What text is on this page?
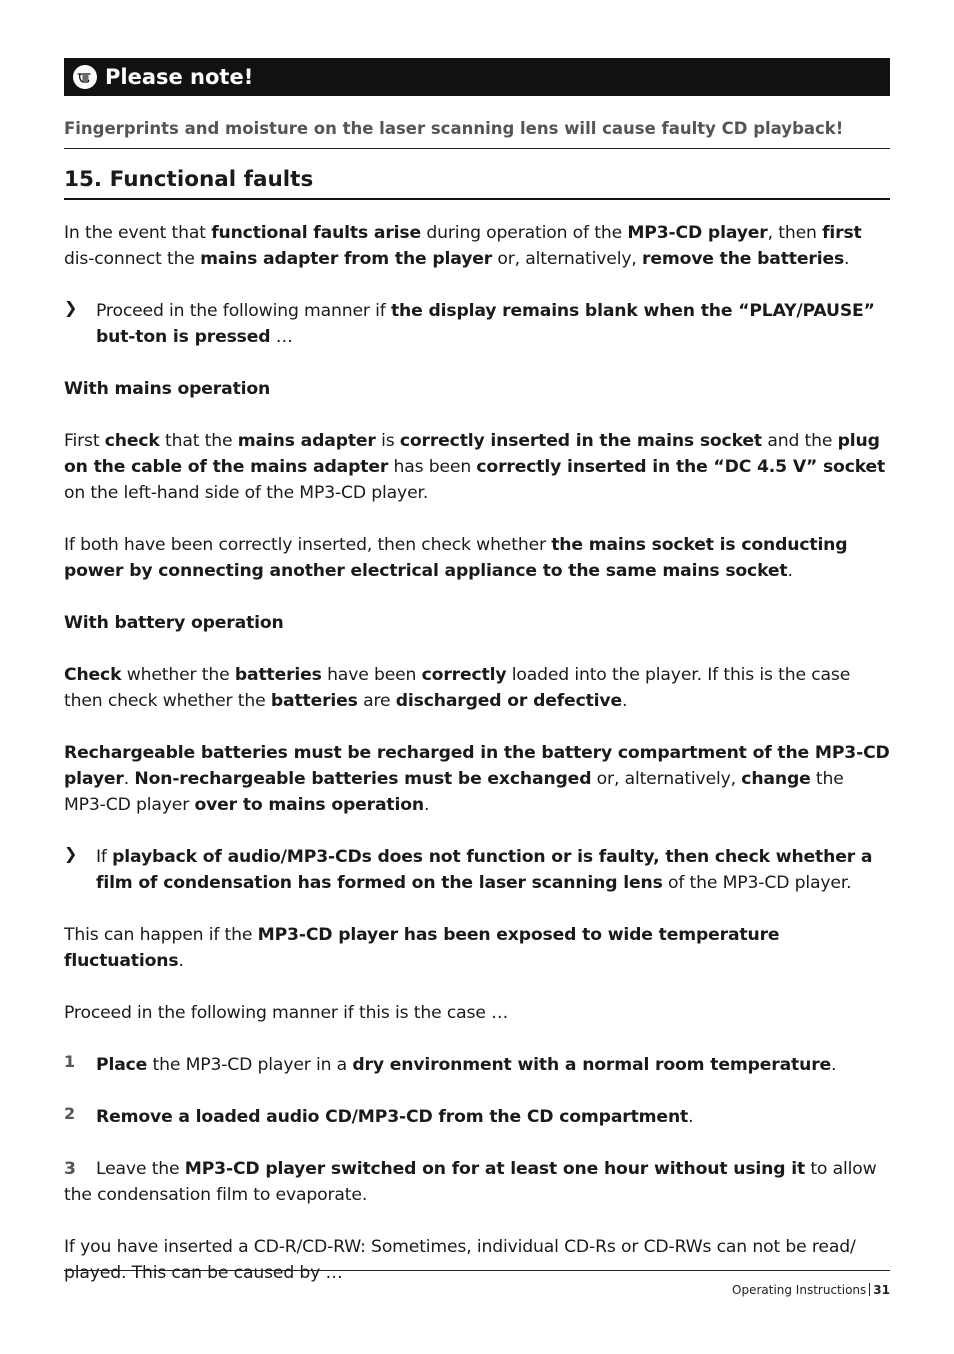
Please note!
Fingerprints and moisture on the laser scanning lens will cause faulty CD playback!
15. Functional faults

In the event that functional faults arise during operation of the MP3-CD player, then first dis-connect the mains adapter from the player or, alternatively, remove the batteries.

❯	Proceed in the following manner if the display remains blank when the “PLAY/PAUSE” but-ton is pressed …

With mains operation

First check that the mains adapter is correctly inserted in the mains socket and the plug on the cable of the mains adapter has been correctly inserted in the “DC 4.5 V” socket on the left-hand side of the MP3-CD player.

If both have been correctly inserted, then check whether the mains socket is conducting power by connecting another electrical appliance to the same mains socket.

With battery operation

Check whether the batteries have been correctly loaded into the player. If this is the case then check whether the batteries are discharged or defective.

Rechargeable batteries must be recharged in the battery compartment of the MP3-CD player. Non-rechargeable batteries must be exchanged or, alternatively, change the MP3-CD player over to mains operation.

❯	If playback of audio/MP3-CDs does not function or is faulty, then check whether a film of condensation has formed on the laser scanning lens of the MP3-CD player.

This can happen if the MP3-CD player has been exposed to wide temperature fluctuations.

Proceed in the following manner if this is the case …

1	Place the MP3-CD player in a dry environment with a normal room temperature.

2	Remove a loaded audio CD/MP3-CD from the CD compartment.

3 Leave the MP3-CD player switched on for at least one hour without using it to allow the condensation film to evaporate.

If you have inserted a CD-R/CD-RW: Sometimes, individual CD-Rs or CD-RWs can not be read/ played. This can be caused by …

Operating Instructions 31
